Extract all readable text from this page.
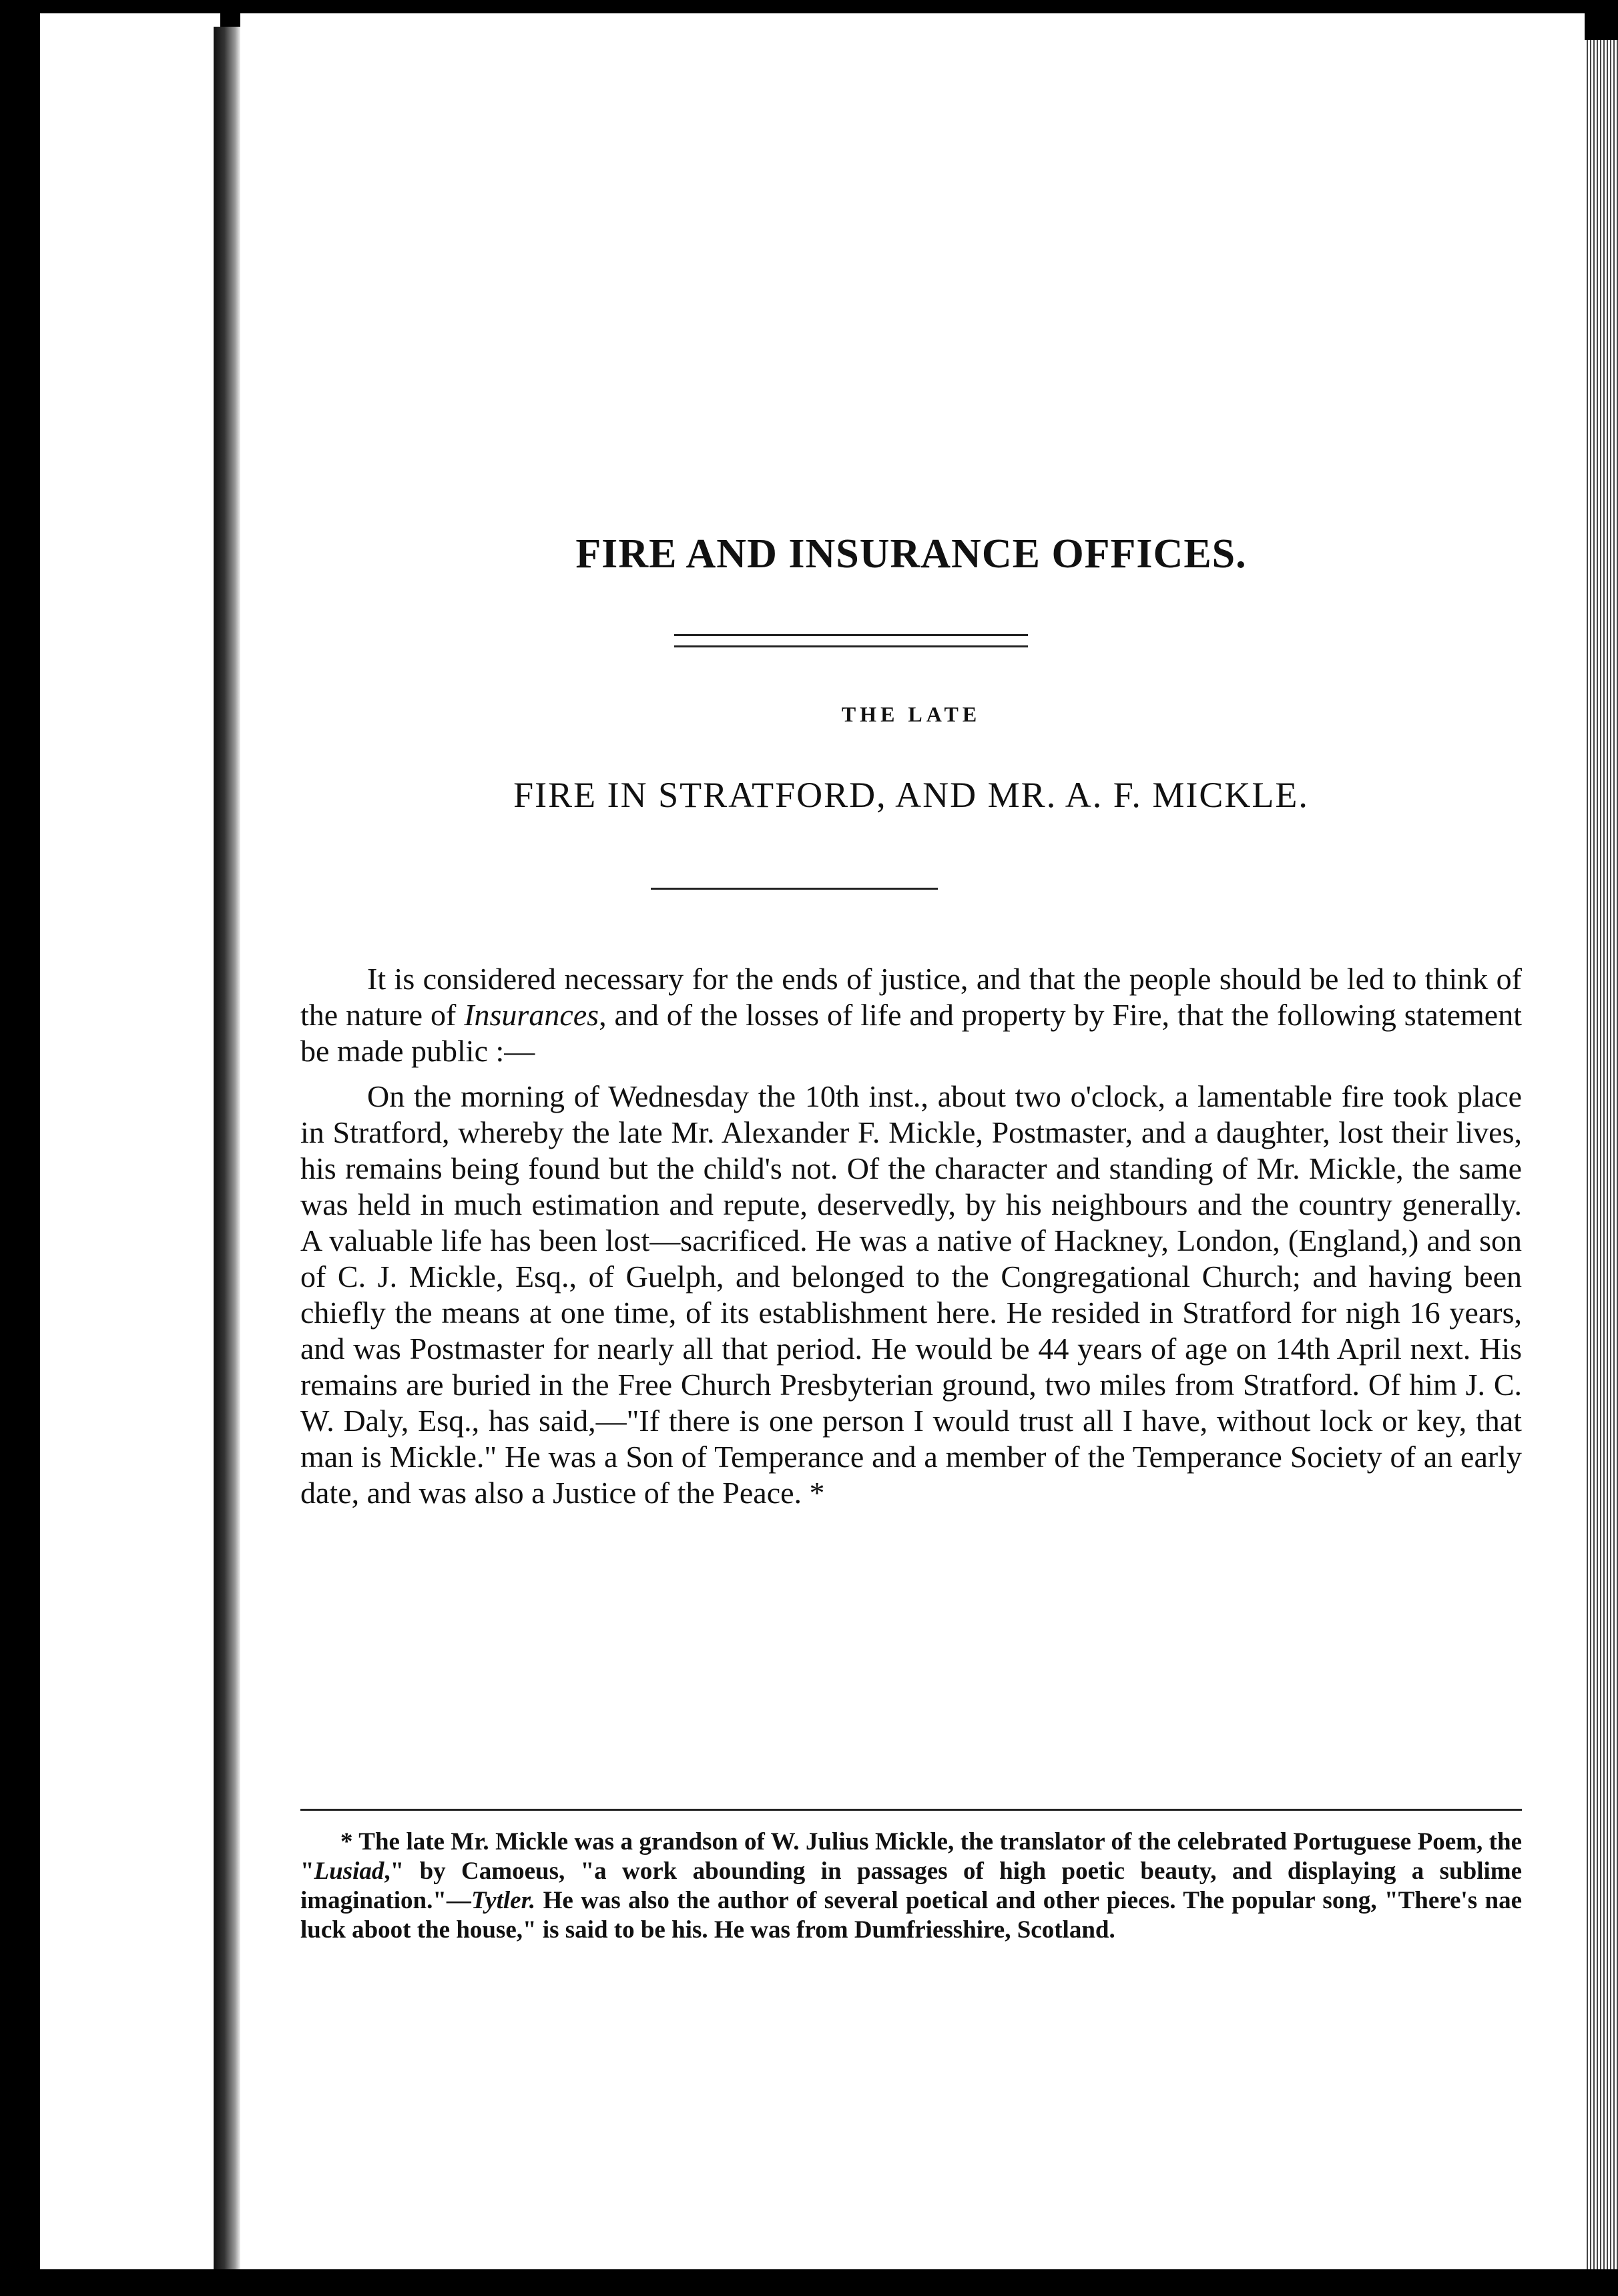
FIRE AND INSURANCE OFFICES.
THE LATE
FIRE IN STRATFORD, AND MR. A. F. MICKLE.

It is considered necessary for the ends of justice, and that the people should be led to think of the nature of Insurances, and of the losses of life and property by Fire, that the following statement be made public :—

On the morning of Wednesday the 10th inst., about two o'clock, a lamentable fire took place in Stratford, whereby the late Mr. Alexander F. Mickle, Postmaster, and a daughter, lost their lives, his remains being found but the child's not. Of the character and standing of Mr. Mickle, the same was held in much estimation and repute, deservedly, by his neighbours and the country generally. A valuable life has been lost—sacrificed. He was a native of Hackney, London, (England,) and son of C. J. Mickle, Esq., of Guelph, and belonged to the Congregational Church; and having been chiefly the means at one time, of its establishment here. He resided in Stratford for nigh 16 years, and was Postmaster for nearly all that period. He would be 44 years of age on 14th April next. His remains are buried in the Free Church Presbyterian ground, two miles from Stratford. Of him J. C. W. Daly, Esq., has said,—"If there is one person I would trust all I have, without lock or key, that man is Mickle." He was a Son of Temperance and a member of the Temperance Society of an early date, and was also a Justice of the Peace. *

* The late Mr. Mickle was a grandson of W. Julius Mickle, the translator of the celebrated Portuguese Poem, the "Lusiad," by Camoeus, "a work abounding in passages of high poetic beauty, and displaying a sublime imagination."—Tytler. He was also the author of several poetical and other pieces. The popular song, "There's nae luck aboot the house," is said to be his. He was from Dumfriesshire, Scotland.
